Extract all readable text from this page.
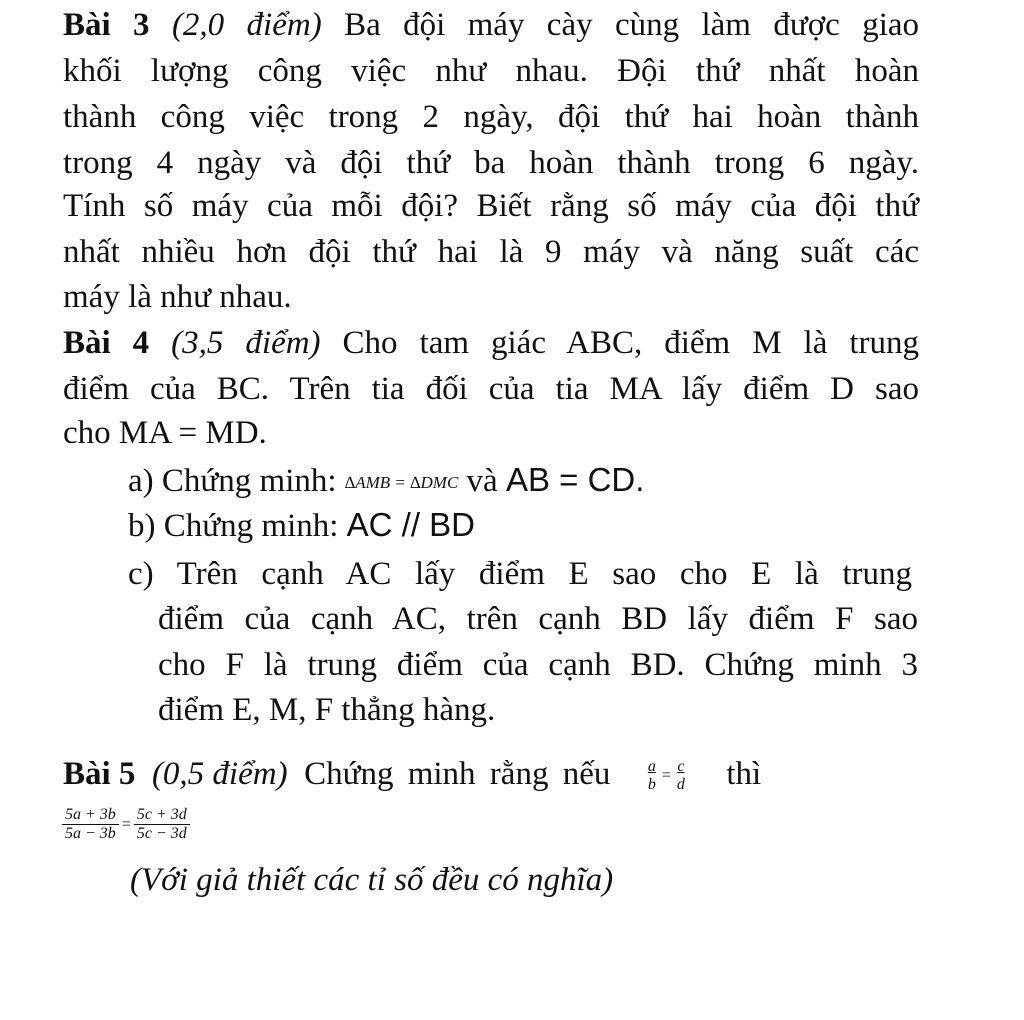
Bài 3 (2,0 điểm) Ba đội máy cày cùng làm được giao
khối lượng công việc như nhau. Đội thứ nhất hoàn
thành công việc trong 2 ngày, đội thứ hai hoàn thành
trong 4 ngày và đội thứ ba hoàn thành trong 6 ngày.
Tính số máy của mỗi đội? Biết rằng số máy của đội thứ
nhất nhiều hơn đội thứ hai là 9 máy và năng suất các
máy là như nhau.
Bài 4 (3,5 điểm) Cho tam giác ABC, điểm M là trung
điểm của BC. Trên tia đối của tia MA lấy điểm D sao
cho MA = MD.
a) Chứng minh: ∆AMB = ∆DMC và AB = CD.
b) Chứng minh: AC // BD
c) Trên cạnh AC lấy điểm E sao cho E là trung
điểm của cạnh AC, trên cạnh BD lấy điểm F sao
cho F là trung điểm của cạnh BD. Chứng minh 3
điểm E, M, F thẳng hàng.
Bài 5 (0,5 điểm) Chứng minh rằng nếu $\frac{a}{b} = \frac{c}{d}$ thì
$\frac{5a + 3b}{5a - 3b} = \frac{5c + 3d}{5c - 3d}$
(Với giả thiết các tỉ số đều có nghĩa)
